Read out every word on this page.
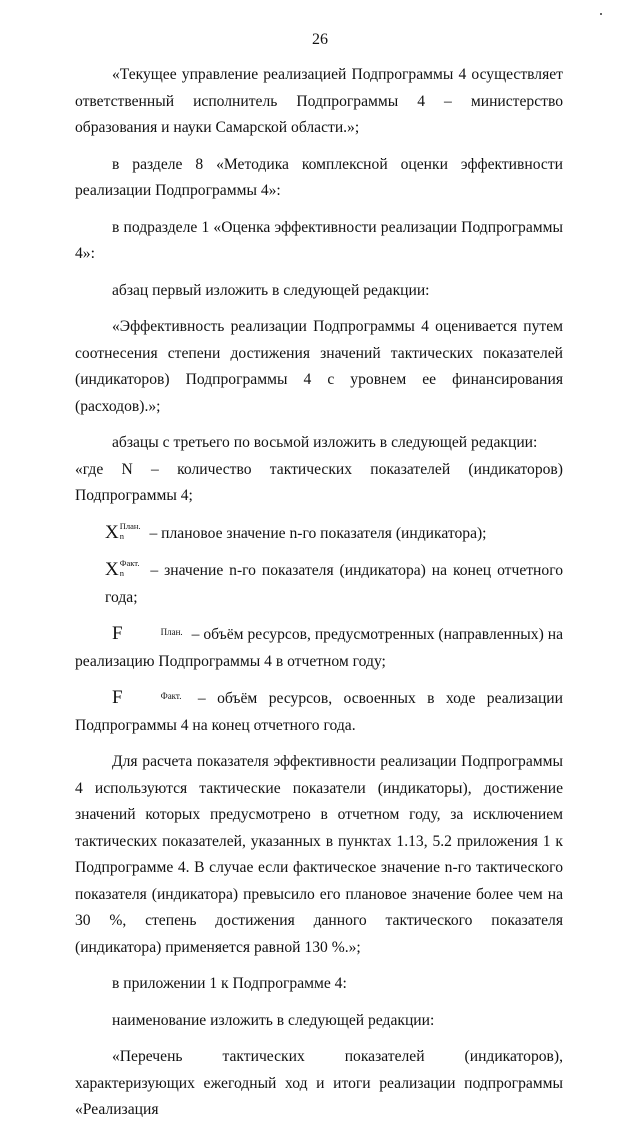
26

«Текущее управление реализацией Подпрограммы 4 осуществляет ответственный исполнитель Подпрограммы 4 – министерство образования и науки Самарской области.»;

в разделе 8 «Методика комплексной оценки эффективности реализации Подпрограммы 4»:

в подразделе 1 «Оценка эффективности реализации Подпрограммы 4»:

абзац первый изложить в следующей редакции:

«Эффективность реализации Подпрограммы 4 оценивается путем соотнесения степени достижения значений тактических показателей (индикаторов) Подпрограммы 4 с уровнем ее финансирования (расходов).»;

абзацы с третьего по восьмой изложить в следующей редакции:

«где N – количество тактических показателей (индикаторов) Подпрограммы 4;

X План.
n	– плановое значение n-го показателя (индикатора);

X Факт.
n	– значение n-го показателя (индикатора) на конец отчетного года;

F	План. – объём ресурсов, предусмотренных (направленных) на реализацию Подпрограммы 4 в отчетном году;

F	Факт. – объём ресурсов, освоенных в ходе реализации Подпрограммы 4 на конец отчетного года.

Для расчета показателя эффективности реализации Подпрограммы 4 используются тактические показатели (индикаторы), достижение значений которых предусмотрено в отчетном году, за исключением тактических показателей, указанных в пунктах 1.13, 5.2 приложения 1 к Подпрограмме 4. В случае если фактическое значение n-го тактического показателя (индикатора) превысило его плановое значение более чем на 30 %, степень достижения данного тактического показателя (индикатора) применяется равной 130 %.»;

в приложении 1 к Подпрограмме 4:

наименование изложить в следующей редакции:

«Перечень тактических показателей (индикаторов), характеризующих ежегодный ход и итоги реализации подпрограммы «Реализация
